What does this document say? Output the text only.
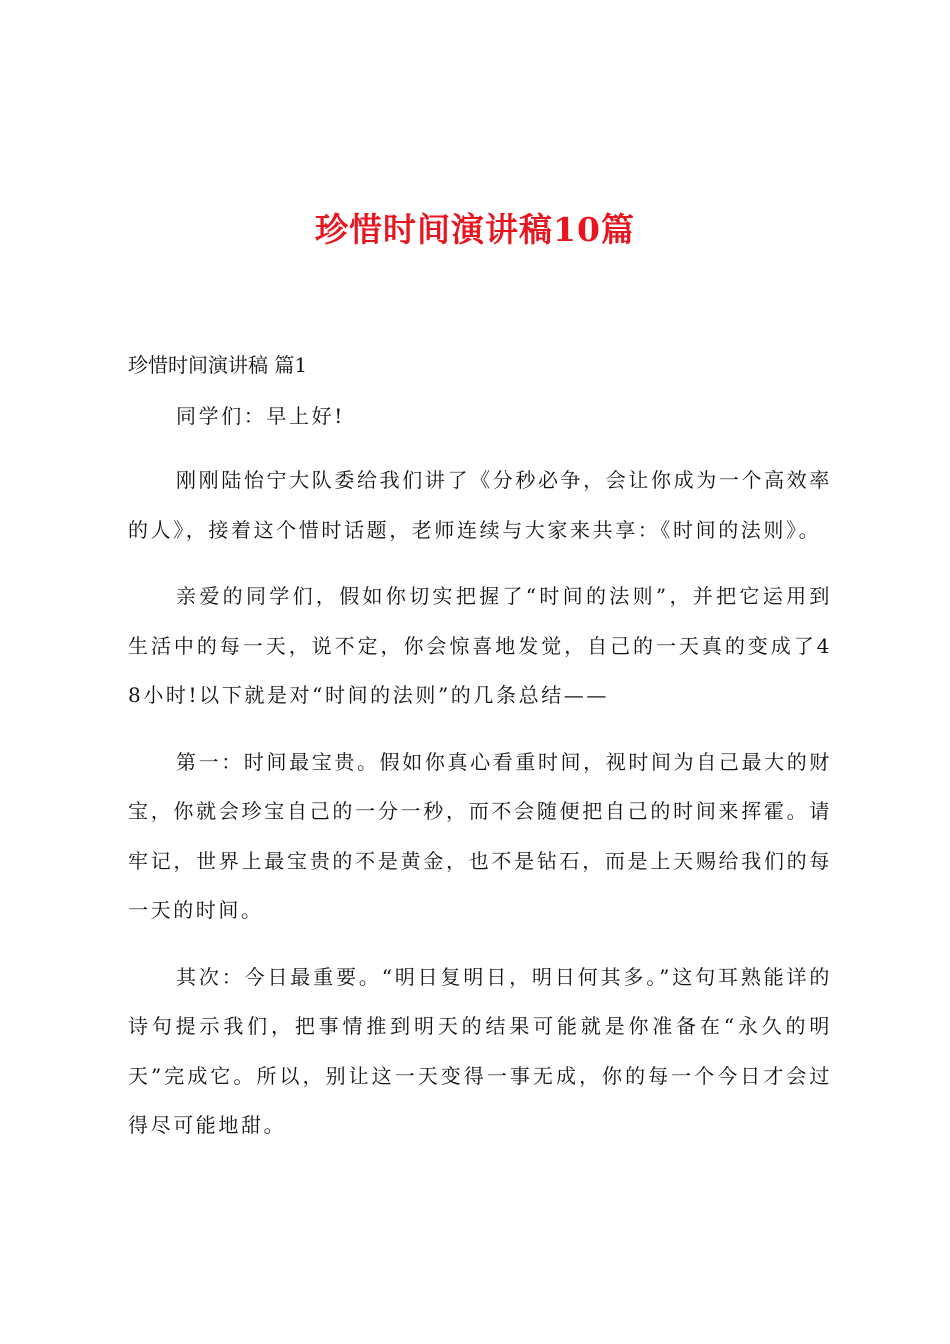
珍惜时间演讲稿10篇

珍惜时间演讲稿 篇1

同学们：早上好!

刚刚陆怡宁大队委给我们讲了《分秒必争，会让你成为一个高效率的人》，接着这个惜时话题，老师连续与大家来共享：《时间的法则》。

亲爱的同学们，假如你切实把握了“时间的法则”，并把它运用到生活中的每一天，说不定，你会惊喜地发觉，自己的一天真的变成了48小时!以下就是对“时间的法则”的几条总结——

第一：时间最宝贵。假如你真心看重时间，视时间为自己最大的财宝，你就会珍宝自己的一分一秒，而不会随便把自己的时间来挥霍。请牢记，世界上最宝贵的不是黄金，也不是钻石，而是上天赐给我们的每一天的时间。

其次：今日最重要。“明日复明日，明日何其多。”这句耳熟能详的诗句提示我们，把事情推到明天的结果可能就是你准备在“永久的明天”完成它。所以，别让这一天变得一事无成，你的每一个今日才会过得尽可能地甜。
